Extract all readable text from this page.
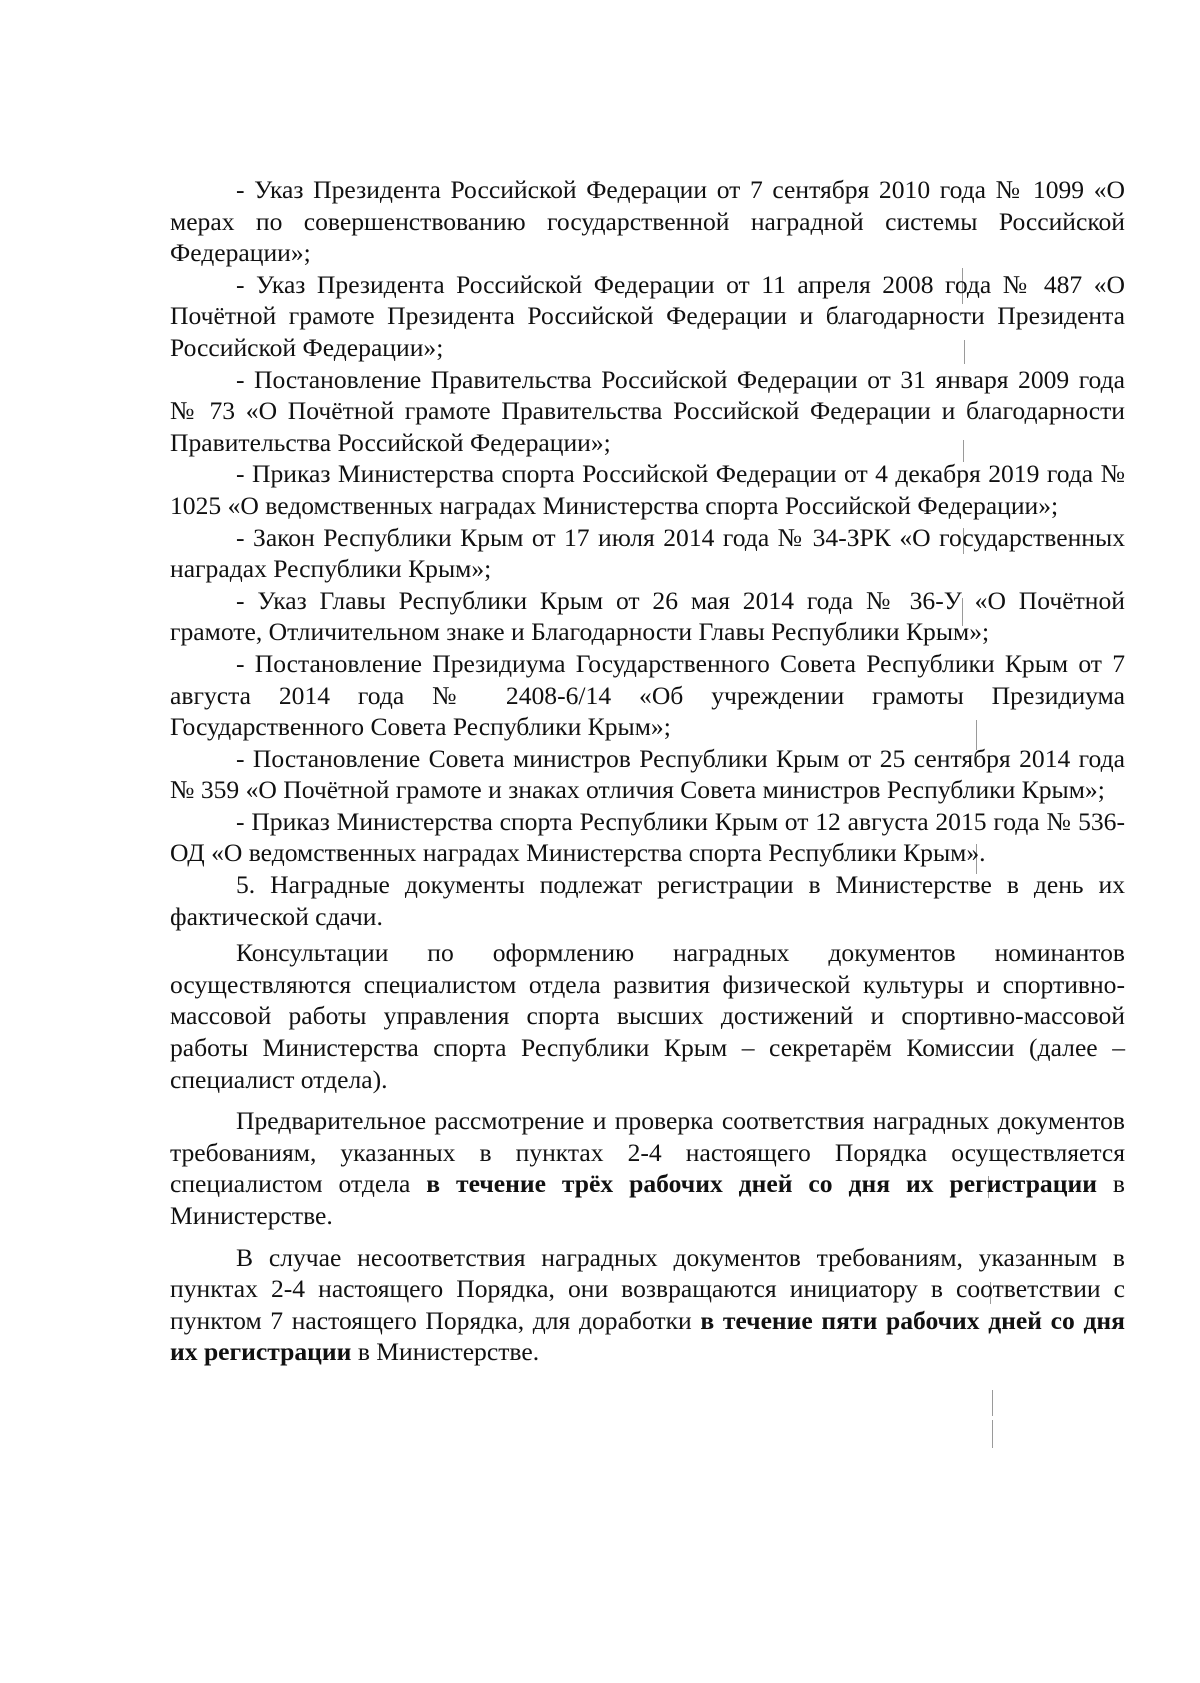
- Указ Президента Российской Федерации от 7 сентября 2010 года № 1099 «О мерах по совершенствованию государственной наградной системы Российской Федерации»;

- Указ Президента Российской Федерации от 11 апреля 2008 года № 487 «О Почётной грамоте Президента Российской Федерации и благодарности Президента Российской Федерации»;

- Постановление Правительства Российской Федерации от 31 января 2009 года № 73 «О Почётной грамоте Правительства Российской Федерации и благодарности Правительства Российской Федерации»;

- Приказ Министерства спорта Российской Федерации от 4 декабря 2019 года № 1025 «О ведомственных наградах Министерства спорта Российской Федерации»;

- Закон Республики Крым от 17 июля 2014 года № 34-ЗРК «О государственных наградах Республики Крым»;

- Указ Главы Республики Крым от 26 мая 2014 года № 36-У «О Почётной грамоте, Отличительном знаке и Благодарности Главы Республики Крым»;

- Постановление Президиума Государственного Совета Республики Крым от 7 августа 2014 года № 2408-6/14 «Об учреждении грамоты Президиума Государственного Совета Республики Крым»;

- Постановление Совета министров Республики Крым от 25 сентября 2014 года № 359 «О Почётной грамоте и знаках отличия Совета министров Республики Крым»;

- Приказ Министерства спорта Республики Крым от 12 августа 2015 года № 536-ОД «О ведомственных наградах Министерства спорта Республики Крым».

5. Наградные документы подлежат регистрации в Министерстве в день их фактической сдачи.

Консультации по оформлению наградных документов номинантов осуществляются специалистом отдела развития физической культуры и спортивно-массовой работы управления спорта высших достижений и спортивно-массовой работы Министерства спорта Республики Крым – секретарём Комиссии (далее – специалист отдела).

Предварительное рассмотрение и проверка соответствия наградных документов требованиям, указанных в пунктах 2-4 настоящего Порядка осуществляется специалистом отдела в течение трёх рабочих дней со дня их регистрации в Министерстве.

В случае несоответствия наградных документов требованиям, указанным в пунктах 2-4 настоящего Порядка, они возвращаются инициатору в соответствии с пунктом 7 настоящего Порядка, для доработки в течение пяти рабочих дней со дня их регистрации в Министерстве.
